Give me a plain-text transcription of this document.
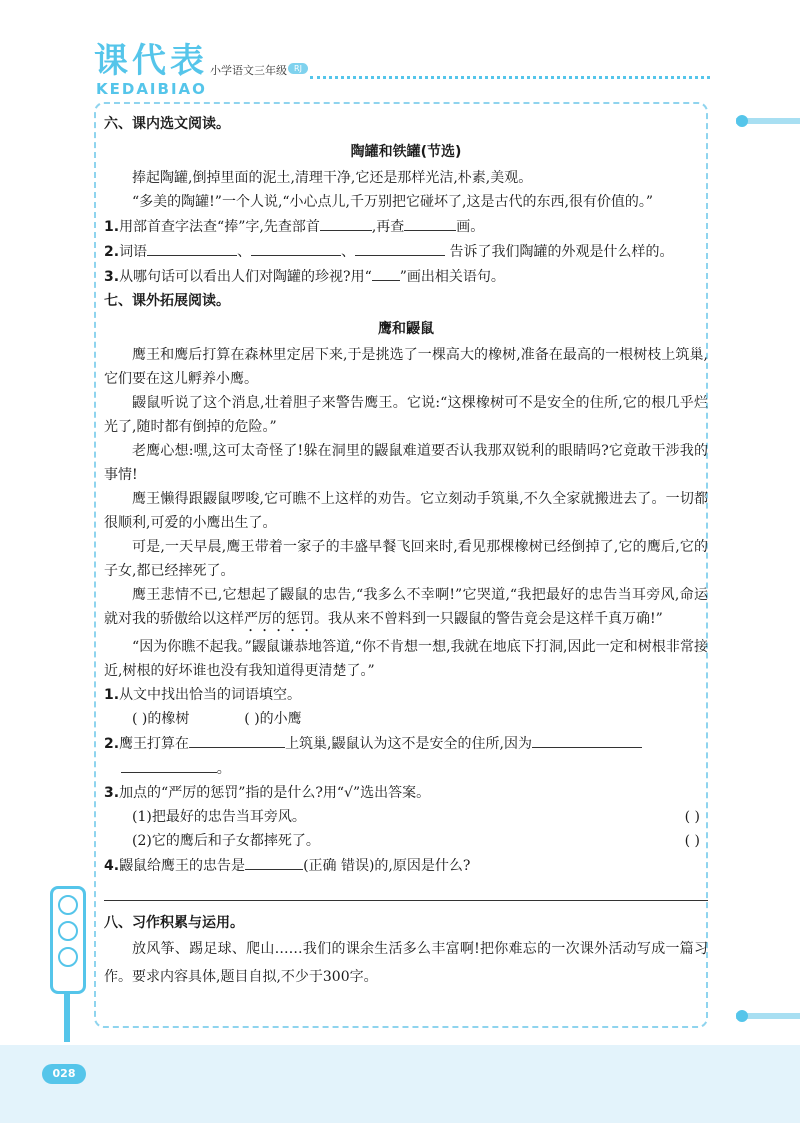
课代表
KEDAIBIAO
小学语文三年级 RJ
028

六、课内选文阅读。

陶罐和铁罐(节选)

捧起陶罐,倒掉里面的泥土,清理干净,它还是那样光洁,朴素,美观。

“多美的陶罐!”一个人说,“小心点儿,千万别把它碰坏了,这是古代的东西,很有价值的。”

1.用部首查字法查“捧”字,先查部首	,再查	画。

2.词语	、	、	告诉了我们陶罐的外观是什么样的。

3.从哪句话可以看出人们对陶罐的珍视?用“ ”画出相关语句。

七、课外拓展阅读。

鹰和鼹鼠

鹰王和鹰后打算在森林里定居下来,于是挑选了一棵高大的橡树,准备在最高的一根树枝上筑巢,它们要在这儿孵养小鹰。

鼹鼠听说了这个消息,壮着胆子来警告鹰王。它说:“这棵橡树可不是安全的住所,它的根几乎烂光了,随时都有倒掉的危险。”

老鹰心想:嘿,这可太奇怪了!躲在洞里的鼹鼠难道要否认我那双锐利的眼睛吗?它竟敢干涉我的事情!

鹰王懒得跟鼹鼠啰唆,它可瞧不上这样的劝告。它立刻动手筑巢,不久全家就搬进去了。一切都很顺利,可爱的小鹰出生了。

可是,一天早晨,鹰王带着一家子的丰盛早餐飞回来时,看见那棵橡树已经倒掉了,它的鹰后,它的子女,都已经摔死了。

鹰王悲情不已,它想起了鼹鼠的忠告,“我多么不幸啊!”它哭道,“我把最好的忠告当耳旁风,命运就对我的骄傲给以这样严厉的惩罚。我从来不曾料到一只鼹鼠的警告竟会是这样千真万确!”

“因为你瞧不起我。”鼹鼠谦恭地答道,“你不肯想一想,我就在地底下打洞,因此一定和树根非常接近,树根的好坏谁也没有我知道得更清楚了。”

1.从文中找出恰当的词语填空。

( )的橡树	( )的小鹰

2.鹰王打算在	上筑巢,鼹鼠认为这不是安全的住所,因为

。

3.加点的“严厉的惩罚”指的是什么?用“√”选出答案。

(1)把最好的忠告当耳旁风。	( )
(2)它的鹰后和子女都摔死了。	( )

4.鼹鼠给鹰王的忠告是	(正确 错误)的,原因是什么?

八、习作积累与运用。

放风筝、踢足球、爬山……我们的课余生活多么丰富啊!把你难忘的一次课外活动写成一篇习作。要求内容具体,题目自拟,不少于300字。
